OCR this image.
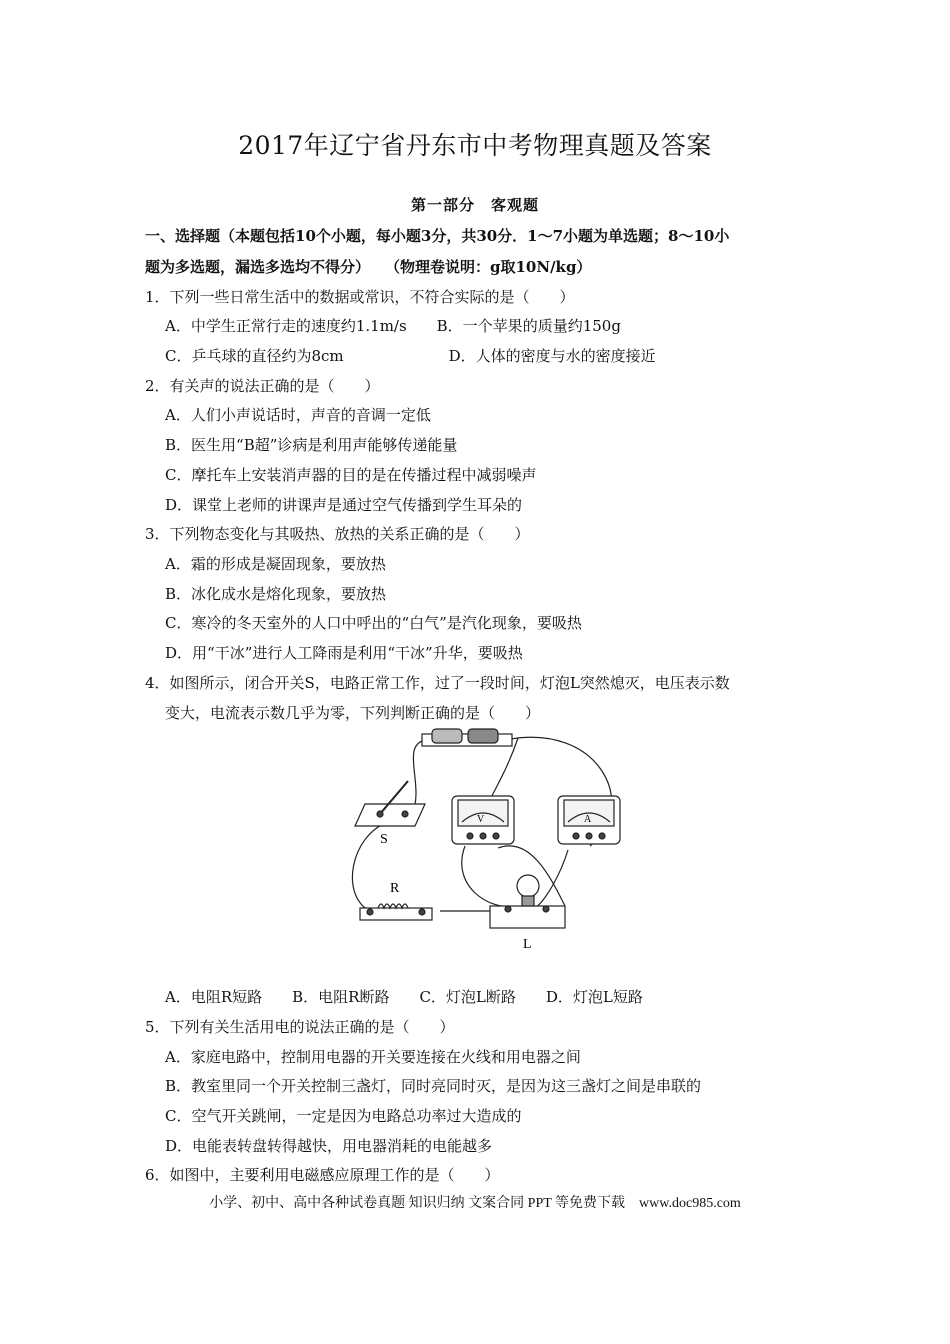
2017年辽宁省丹东市中考物理真题及答案
第一部分　客观题
一、选择题（本题包括10个小题，每小题3分，共30分．1～7小题为单选题；8～10小
题为多选题，漏选多选均不得分）　　（物理卷说明：g取10N/kg）
1．下列一些日常生活中的数据或常识，不符合实际的是（　　）
A．中学生正常行走的速度约1.1m/s　　B．一个苹果的质量约150g
C．乒乓球的直径约为8cm　　　　　　　D．人体的密度与水的密度接近
2．有关声的说法正确的是（　　）
A．人们小声说话时，声音的音调一定低
B．医生用“B超”诊病是利用声能够传递能量
C．摩托车上安装消声器的目的是在传播过程中减弱噪声
D．课堂上老师的讲课声是通过空气传播到学生耳朵的
3．下列物态变化与其吸热、放热的关系正确的是（　　）
A．霜的形成是凝固现象，要放热
B．冰化成水是熔化现象，要放热
C．寒冷的冬天室外的人口中呼出的“白气”是汽化现象，要吸热
D．用“干冰”进行人工降雨是利用“干冰”升华，要吸热
4．如图所示，闭合开关S，电路正常工作，过了一段时间，灯泡L突然熄灭，电压表示数
变大，电流表示数几乎为零，下列判断正确的是（　　）
S
V	A
R
L
A．电阻R短路　　B．电阻R断路　　C．灯泡L断路　　D．灯泡L短路
5．下列有关生活用电的说法正确的是（　　）
A．家庭电路中，控制用电器的开关要连接在火线和用电器之间
B．教室里同一个开关控制三盏灯，同时亮同时灭，是因为这三盏灯之间是串联的
C．空气开关跳闸，一定是因为电路总功率过大造成的
D．电能表转盘转得越快，用电器消耗的电能越多
6．如图中，主要利用电磁感应原理工作的是（　　）
小学、初中、高中各种试卷真题 知识归纳 文案合同 PPT 等免费下载　www.doc985.com
